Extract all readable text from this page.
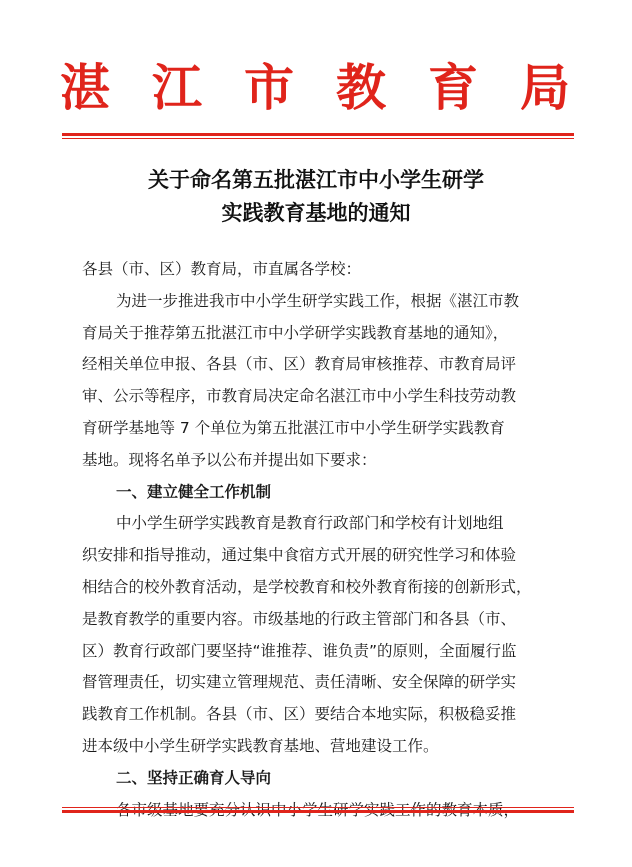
湛 江 市 教 育 局
关于命名第五批湛江市中小学生研学
实践教育基地的通知
各县（市、区）教育局，市直属各学校：
为进一步推进我市中小学生研学实践工作，根据《湛江市教
育局关于推荐第五批湛江市中小学研学实践教育基地的通知》，
经相关单位申报、各县（市、区）教育局审核推荐、市教育局评
审、公示等程序，市教育局决定命名湛江市中小学生科技劳动教
育研学基地等 7 个单位为第五批湛江市中小学生研学实践教育
基地。现将名单予以公布并提出如下要求：
一、建立健全工作机制
中小学生研学实践教育是教育行政部门和学校有计划地组
织安排和指导推动，通过集中食宿方式开展的研究性学习和体验
相结合的校外教育活动，是学校教育和校外教育衔接的创新形式，
是教育教学的重要内容。市级基地的行政主管部门和各县（市、
区）教育行政部门要坚持“谁推荐、谁负责”的原则，全面履行监
督管理责任，切实建立管理规范、责任清晰、安全保障的研学实
践教育工作机制。各县（市、区）要结合本地实际，积极稳妥推
进本级中小学生研学实践教育基地、营地建设工作。
二、坚持正确育人导向
